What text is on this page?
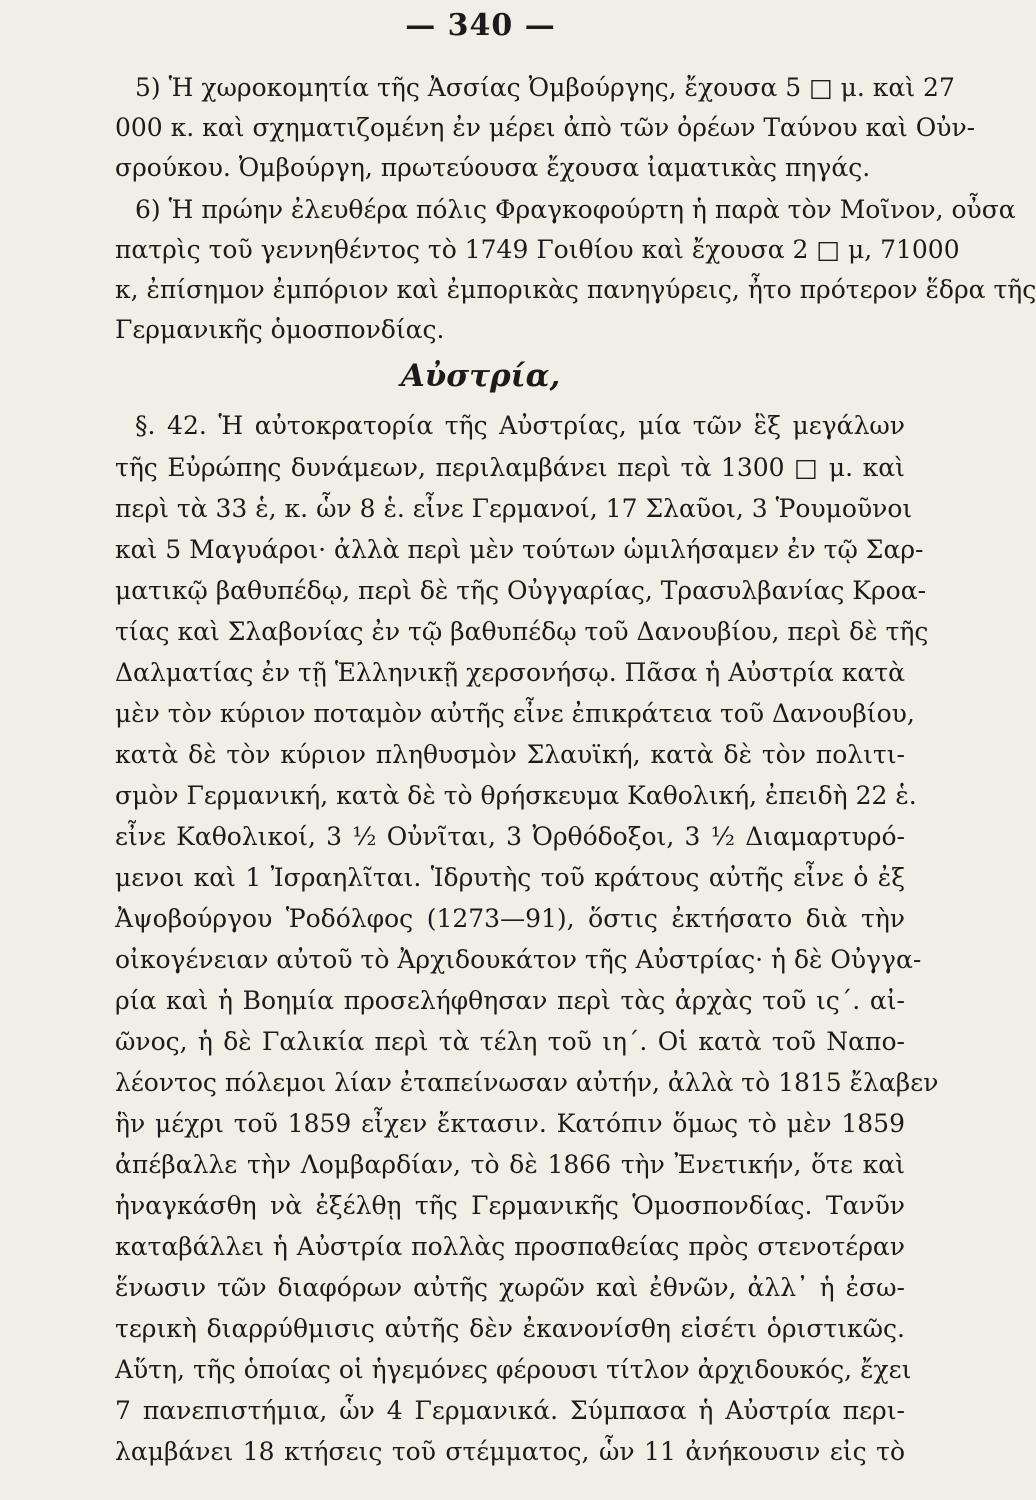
— 340 —
5) Ἡ χωροκομητία τῆς Ἀσσίας Ὀμβούργης, ἔχουσα 5 □ μ. καὶ 27
000 κ. καὶ σχηματιζομένη ἐν μέρει ἀπὸ τῶν ὀρέων Ταύνου καὶ Οὐν-
σρούκου. Ὀμβούργη, πρωτεύουσα ἔχουσα ἰαματικὰς πηγάς.
6) Ἡ πρώην ἐλευθέρα πόλις Φραγκοφούρτη ἡ παρὰ τὸν Μοῖνον, οὖσα
πατρὶς τοῦ γεννηθέντος τὸ 1749 Γοιθίου καὶ ἔχουσα 2 □ μ, 71000
κ, ἐπίσημον ἐμπόριον καὶ ἐμπορικὰς πανηγύρεις, ἦτο πρότερον ἕδρα τῆς
Γερμανικῆς ὁμοσπονδίας.
Αὐστρία,
§. 42. Ἡ αὐτοκρατορία τῆς Αὐστρίας, μία τῶν ἓξ μεγάλων
τῆς Εὐρώπης δυνάμεων, περιλαμβάνει περὶ τὰ 1300 □ μ. καὶ
περὶ τὰ 33 ἑ, κ. ὧν 8 ἑ. εἶνε Γερμανοί, 17 Σλαῦοι, 3 Ῥουμοῦνοι
καὶ 5 Μαγυάροι· ἀλλὰ περὶ μὲν τούτων ὡμιλήσαμεν ἐν τῷ Σαρ-
ματικῷ βαθυπέδῳ, περὶ δὲ τῆς Οὐγγαρίας, Τρασυλβανίας Κροα-
τίας καὶ Σλαβονίας ἐν τῷ βαθυπέδῳ τοῦ Δανουβίου, περὶ δὲ τῆς
Δαλματίας ἐν τῇ Ἑλληνικῇ χερσονήσῳ. Πᾶσα ἡ Αὐστρία κατὰ
μὲν τὸν κύριον ποταμὸν αὐτῆς εἶνε ἐπικράτεια τοῦ Δανουβίου,
κατὰ δὲ τὸν κύριον πληθυσμὸν Σλαυϊκή, κατὰ δὲ τὸν πολιτι-
σμὸν Γερμανική, κατὰ δὲ τὸ θρήσκευμα Καθολική, ἐπειδὴ 22 ἑ.
εἶνε Καθολικοί, 3 ½ Οὐνῖται, 3 Ὀρθόδοξοι, 3 ½ Διαμαρτυρό-
μενοι καὶ 1 Ἰσραηλῖται. Ἱδρυτὴς τοῦ κράτους αὐτῆς εἶνε ὁ ἐξ
Ἀψοβούργου Ῥοδόλφος (1273—91), ὅστις ἐκτήσατο διὰ τὴν
οἰκογένειαν αὐτοῦ τὸ Ἀρχιδουκάτον τῆς Αὐστρίας· ἡ δὲ Οὐγγα-
ρία καὶ ἡ Βοημία προσελήφθησαν περὶ τὰς ἀρχὰς τοῦ ις΄. αἰ-
ῶνος, ἡ δὲ Γαλικία περὶ τὰ τέλη τοῦ ιη΄. Οἱ κατὰ τοῦ Ναπο-
λέοντος πόλεμοι λίαν ἐταπείνωσαν αὐτήν, ἀλλὰ τὸ 1815 ἔλαβεν
ἣν μέχρι τοῦ 1859 εἶχεν ἔκτασιν. Κατόπιν ὅμως τὸ μὲν 1859
ἀπέβαλλε τὴν Λομβαρδίαν, τὸ δὲ 1866 τὴν Ἐνετικήν, ὅτε καὶ
ἠναγκάσθη νὰ ἐξέλθῃ τῆς Γερμανικῆς Ὁμοσπονδίας. Τανῦν
καταβάλλει ἡ Αὐστρία πολλὰς προσπαθείας πρὸς στενοτέραν
ἕνωσιν τῶν διαφόρων αὐτῆς χωρῶν καὶ ἐθνῶν, ἀλλ᾽ ἡ ἐσω-
τερικὴ διαρρύθμισις αὐτῆς δὲν ἐκανονίσθη εἰσέτι ὁριστικῶς.
Αὕτη, τῆς ὁποίας οἱ ἡγεμόνες φέρουσι τίτλον ἀρχιδουκός, ἔχει
7 πανεπιστήμια, ὧν 4 Γερμανικά. Σύμπασα ἡ Αὐστρία περι-
λαμβάνει 18 κτήσεις τοῦ στέμματος, ὧν 11 ἀνήκουσιν εἰς τὸ
